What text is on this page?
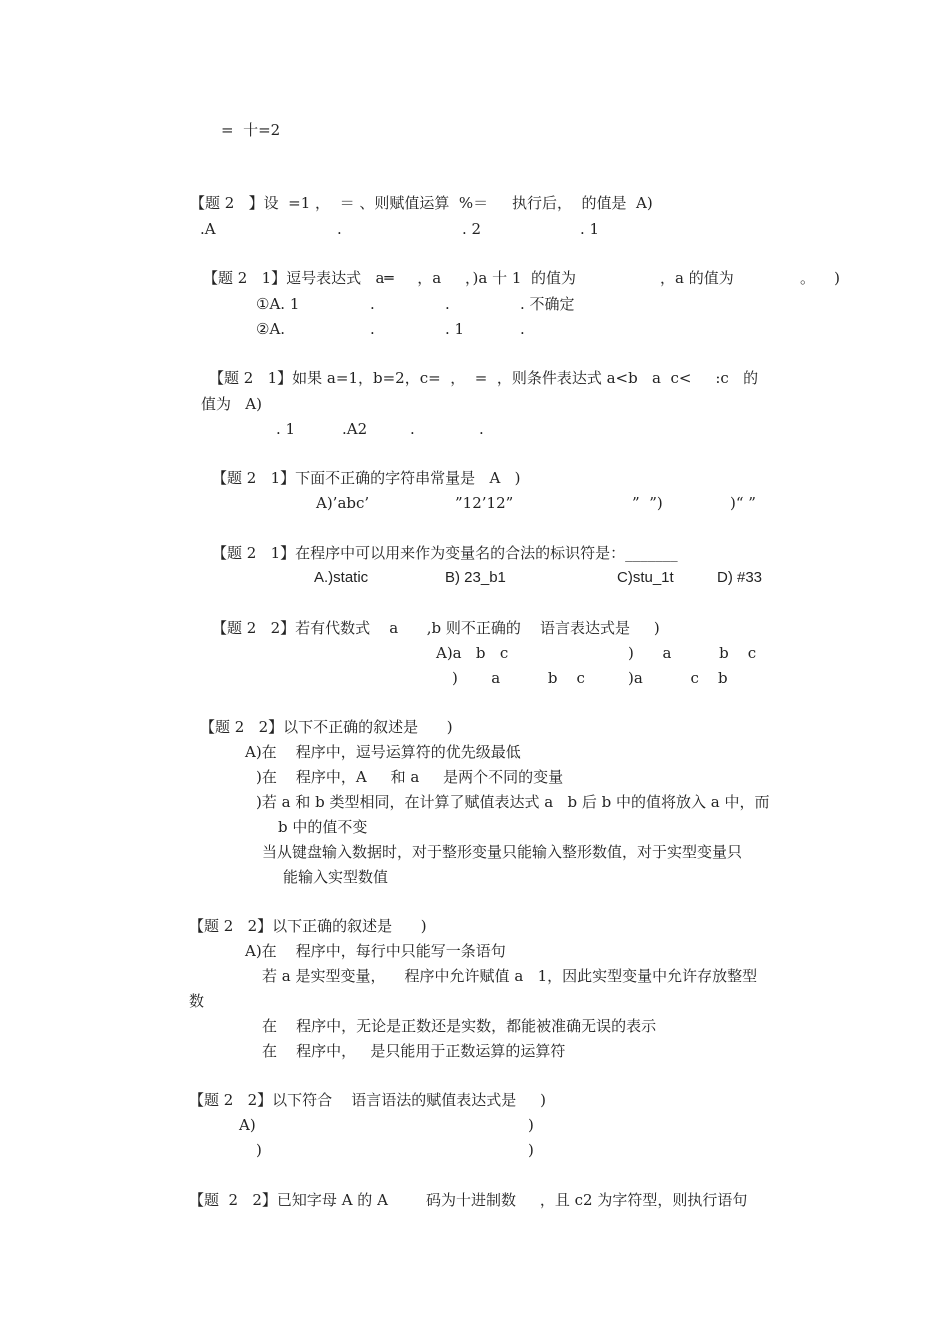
=  十=2
【题 2   】设  =1 ，  ＝ 、则赋值运算  %＝     执行后，  的值是  A)
.A	.	. 2	. 1
【题 2   1】逗号表达式   a═     ，a     ，)a 十 1  的值为	，a 的值为	。    )
①A. 1	.	.	. 不确定
②A.	.	. 1	.
【题 2   1】如果 a=1，b=2，c=  ，  =  ，则条件表达式 a<b   a  c<     :c   的
值为   A)
. 1	.A2	.	.
【题 2   1】下面不正确的字符串常量是   A   )
A)’abc’	”12’12”	”  ”)	)“ ”
【题 2   1】在程序中可以用来作为变量名的合法的标识符是：_______
A.)static	B) 23_b1	C)stu_1t	D) #33
【题 2   2】若有代数式    a      ,b 则不正确的    语言表达式是     )
A)a   b   c	)      a          b    c
)       a          b    c	)a          c    b
【题 2   2】以下不正确的叙述是      )
A)在    程序中，逗号运算符的优先级最低
)在    程序中，A     和 a     是两个不同的变量
)若 a 和 b 类型相同，在计算了赋值表达式 a   b 后 b 中的值将放入 a 中，而
b 中的值不变
当从键盘输入数据时，对于整形变量只能输入整形数值，对于实型变量只
能输入实型数值
【题 2   2】以下正确的叙述是      )
A)在    程序中，每行中只能写一条语句
若 a 是实型变量，    程序中允许赋值 a   1，因此实型变量中允许存放整型
数
在    程序中，无论是正数还是实数，都能被准确无误的表示
在    程序中，   是只能用于正数运算的运算符
【题 2   2】以下符合    语言语法的赋值表达式是     )
A)	)
)	)
【题  2   2】已知字母 A 的 A        码为十进制数     ，且 c2 为字符型，则执行语句
